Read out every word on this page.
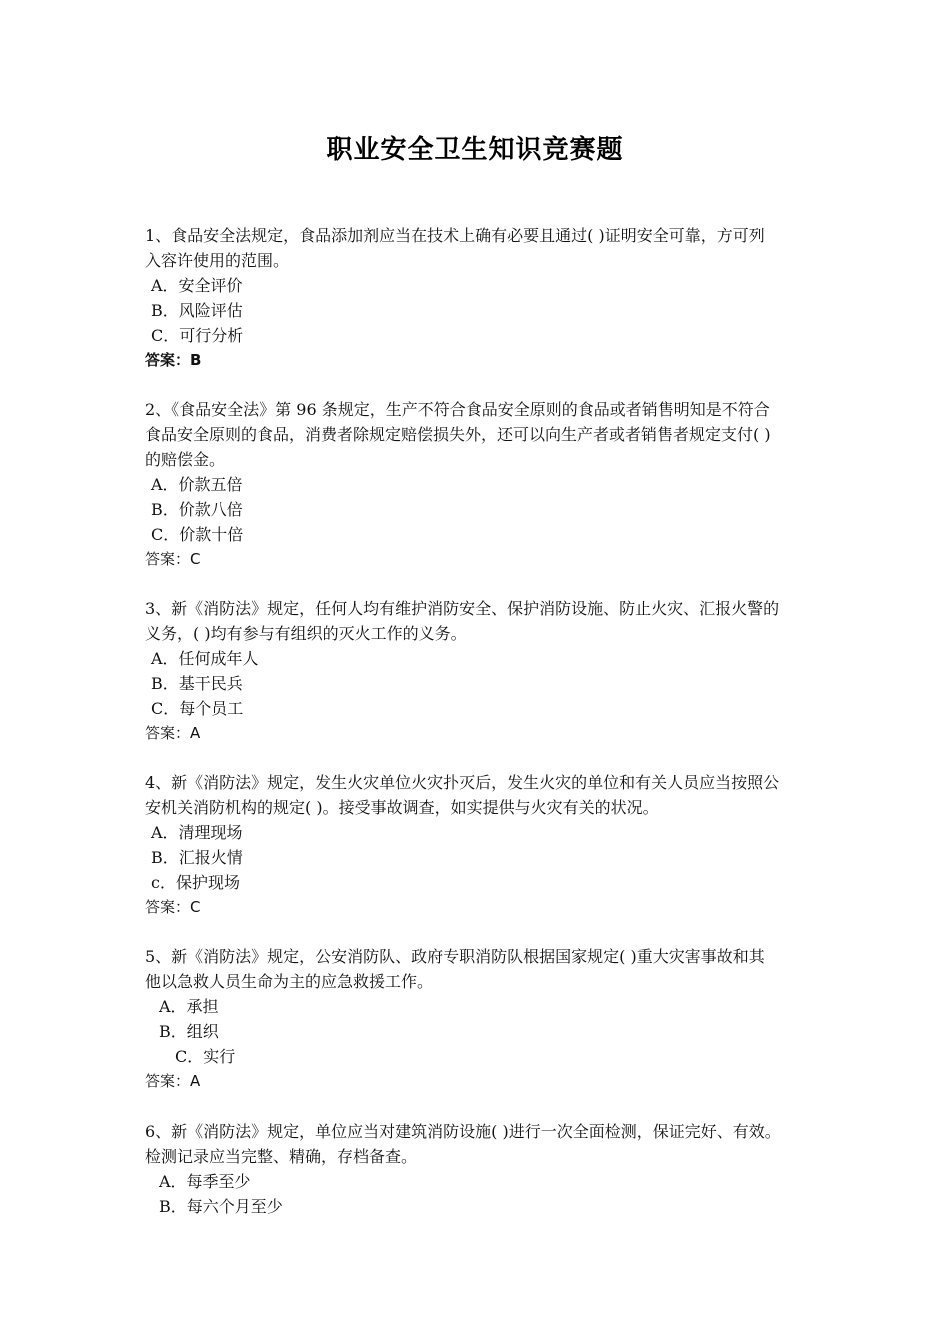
职业安全卫生知识竞赛题
1、食品安全法规定，食品添加剂应当在技术上确有必要且通过( )证明安全可靠，方可列
入容许使用的范围。
A．安全评价
B．风险评估
C．可行分析
答案：B
2、《食品安全法》第 96 条规定，生产不符合食品安全原则的食品或者销售明知是不符合
食品安全原则的食品，消费者除规定赔偿损失外，还可以向生产者或者销售者规定支付( )
的赔偿金。
A．价款五倍
B．价款八倍
C．价款十倍
答案：C
3、新《消防法》规定，任何人均有维护消防安全、保护消防设施、防止火灾、汇报火警的
义务，( )均有参与有组织的灭火工作的义务。
A．任何成年人
B．基干民兵
C．每个员工
答案：A
4、新《消防法》规定，发生火灾单位火灾扑灭后，发生火灾的单位和有关人员应当按照公
安机关消防机构的规定( )。接受事故调查，如实提供与火灾有关的状况。
A．清理现场
B．汇报火情
c．保护现场
答案：C
5、新《消防法》规定，公安消防队、政府专职消防队根据国家规定( )重大灾害事故和其
他以急救人员生命为主的应急救援工作。
A．承担
B．组织
C．实行
答案：A
6、新《消防法》规定，单位应当对建筑消防设施( )进行一次全面检测，保证完好、有效。
检测记录应当完整、精确，存档备查。
A．每季至少
B．每六个月至少
